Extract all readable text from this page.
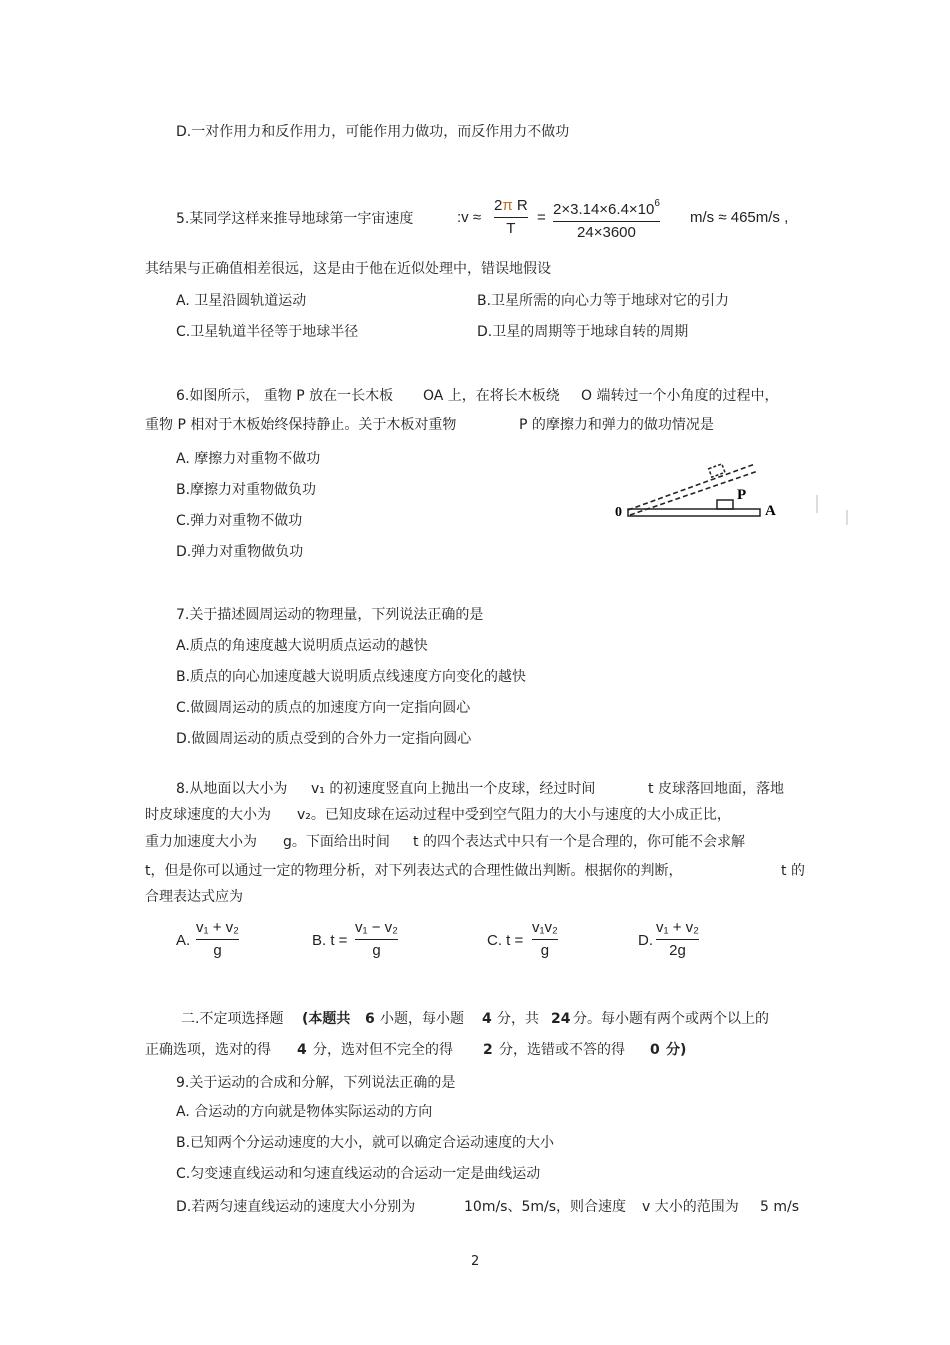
D.一对作用力和反作用力，可能作用力做功，而反作用力不做功
5.某同学这样来推导地球第一宇宙速度	:v ≈
2π R
T
= $2\times 3.14\times 6.4\times 10^6$
24×3600
m/s ≈ 465m/s ,
其结果与正确值相差很远，这是由于他在近似处理中，错误地假设
A. 卫星沿圆轨道运动	B.卫星所需的向心力等于地球对它的引力
C.卫星轨道半径等于地球半径	D.卫星的周期等于地球自转的周期
6.如图所示， 重物 P 放在一长木板 OA 上，在将长木板绕 O 端转过一个小角度的过程中，
重物 P 相对于木板始终保持静止。关于木板对重物	P 的摩擦力和弹力的做功情况是
A. 摩擦力对重物不做功
B.摩擦力对重物做负功
C.弹力对重物不做功
D.弹力对重物做负功
0
P
A
7.关于描述圆周运动的物理量，下列说法正确的是
A.质点的角速度越大说明质点运动的越快
B.质点的向心加速度越大说明质点线速度方向变化的越快
C.做圆周运动的质点的加速度方向一定指向圆心
D.做圆周运动的质点受到的合外力一定指向圆心
8.从地面以大小为 v₁ 的初速度竖直向上抛出一个皮球，经过时间	t 皮球落回地面，落地
时皮球速度的大小为 v₂。已知皮球在运动过程中受到空气阻力的大小与速度的大小成正比，
重力加速度大小为 g。下面给出时间 t 的四个表达式中只有一个是合理的，你可能不会求解
t，但是你可以通过一定的物理分析，对下列表达式的合理性做出判断。根据你的判断，	t 的
合理表达式应为
A.
v₁ + v₂
g
B. t =
v₁ − v₂
g
C. t =
v₁v₂
g
D.
v₁ + v₂
2g
二.不定项选择题 (本题共 6 小题，每小题 4 分，共 24 分。每小题有两个或两个以上的
正确选项，选对的得 4 分，选对但不完全的得 2 分，选错或不答的得 0 分)
9.关于运动的合成和分解，下列说法正确的是
A. 合运动的方向就是物体实际运动的方向
B.已知两个分运动速度的大小，就可以确定合运动速度的大小
C.匀变速直线运动和匀速直线运动的合运动一定是曲线运动
D.若两匀速直线运动的速度大小分别为	10m/s、5m/s，则合速度 v 大小的范围为 5 m/s
2
